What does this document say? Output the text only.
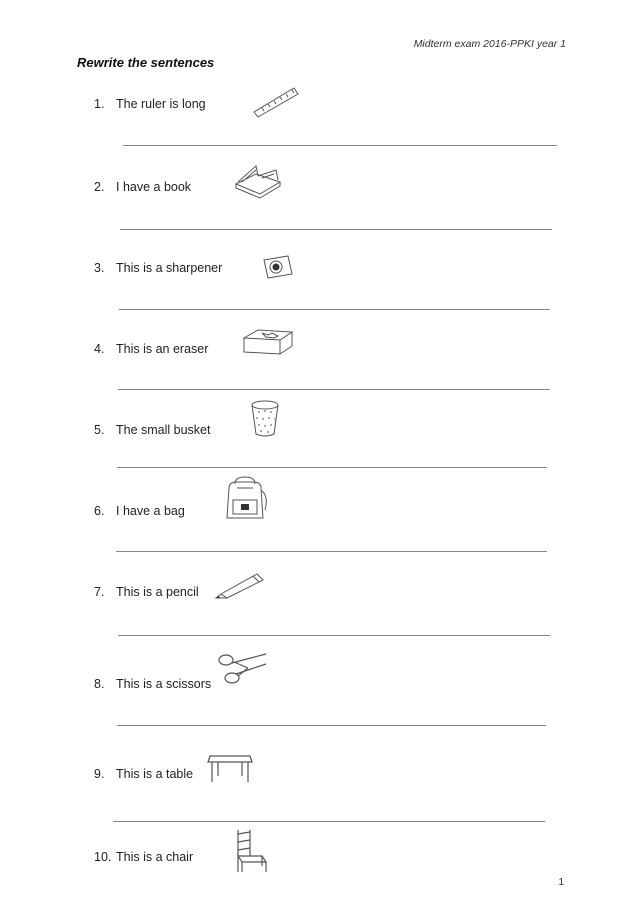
Midterm exam 2016-PPKI year 1
Rewrite the sentences
1. The ruler is long
2. I have a book
3. This is a sharpener
4. This is an eraser
5. The small busket
6. I have a bag
7. This is a pencil
8. This is a scissors
9. This is a table
10. This is a chair
1
